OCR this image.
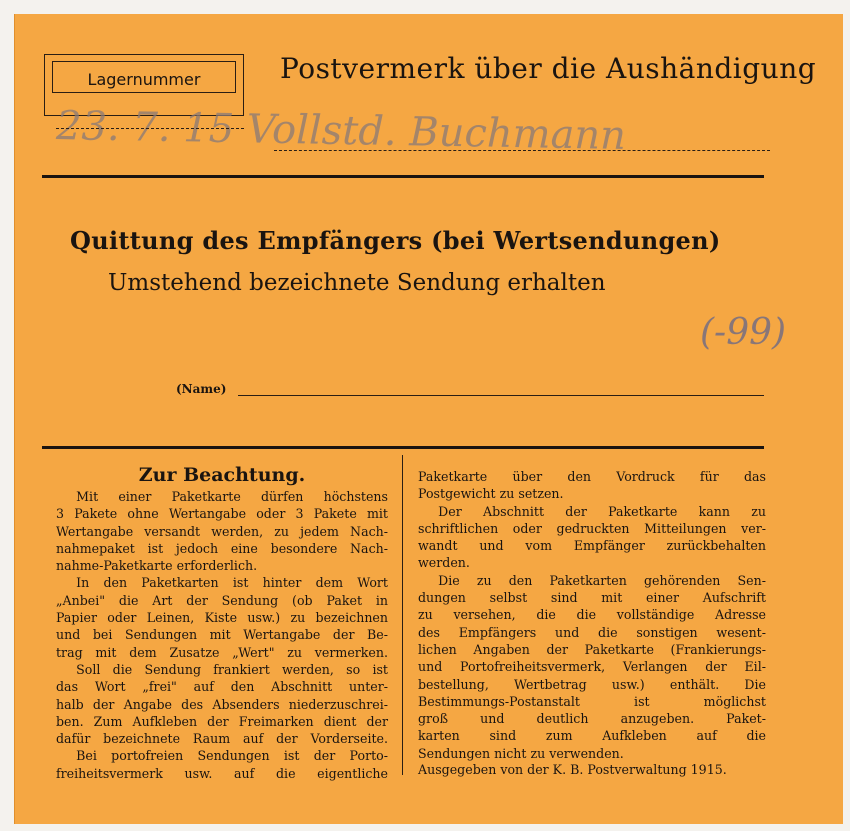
Lagernummer	Postvermerk über die Aushändigung
23. 7. 15 Vollstd. Buchmann
Quittung des Empfängers (bei Wertsendungen)
Umstehend bezeichnete Sendung erhalten
(-99)
(Name)
Zur Beachtung.

Mit einer Paketkarte dürfen höchstens

3 Pakete ohne Wertangabe oder 3 Pakete mit

Wertangabe versandt werden, zu jedem Nach-

nahmepaket ist jedoch eine besondere Nach-

nahme-Paketkarte erforderlich.

In den Paketkarten ist hinter dem Wort

„Anbei" die Art der Sendung (ob Paket in

Papier oder Leinen, Kiste usw.) zu bezeichnen

und bei Sendungen mit Wertangabe der Be-

trag mit dem Zusatze „Wert" zu vermerken.

Soll die Sendung frankiert werden, so ist

das Wort „frei" auf den Abschnitt unter-

halb der Angabe des Absenders niederzuschrei-

ben. Zum Aufkleben der Freimarken dient der

dafür bezeichnete Raum auf der Vorderseite.

Bei portofreien Sendungen ist der Porto-

freiheitsvermerk usw. auf die eigentliche

Paketkarte über den Vordruck für das

Postgewicht zu setzen.

Der Abschnitt der Paketkarte kann zu

schriftlichen oder gedruckten Mitteilungen ver-

wandt und vom Empfänger zurückbehalten

werden.

Die zu den Paketkarten gehörenden Sen-

dungen selbst sind mit einer Aufschrift

zu versehen, die die vollständige Adresse

des Empfängers und die sonstigen wesent-

lichen Angaben der Paketkarte (Frankierungs-

und Portofreiheitsvermerk, Verlangen der Eil-

bestellung, Wertbetrag usw.) enthält. Die

Bestimmungs-Postanstalt ist möglichst

groß und deutlich anzugeben. Paket-

karten sind zum Aufkleben auf die

Sendungen nicht zu verwenden.

Ausgegeben von der K. B. Postverwaltung 1915.
